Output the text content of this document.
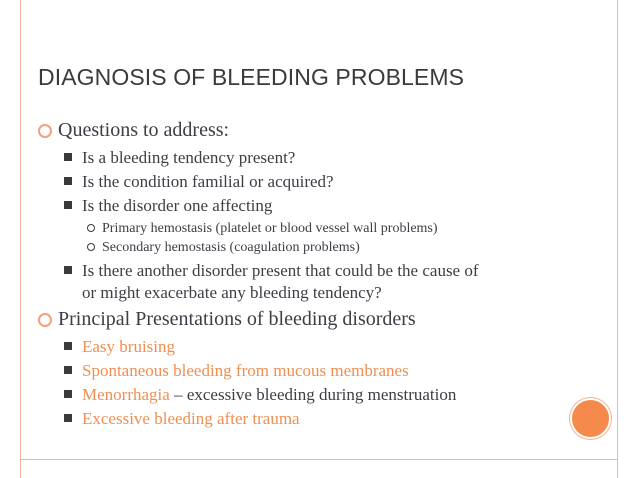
DIAGNOSIS OF BLEEDING PROBLEMS
Questions to address:
Is a bleeding tendency present?
Is the condition familial or acquired?
Is the disorder one affecting
Primary hemostasis (platelet or blood vessel wall problems)
Secondary hemostasis (coagulation problems)
Is there another disorder present that could be the cause of
or might exacerbate any bleeding tendency?
Principal Presentations of bleeding disorders
Easy bruising
Spontaneous bleeding from mucous membranes
Menorrhagia – excessive bleeding during menstruation
Excessive bleeding after trauma
